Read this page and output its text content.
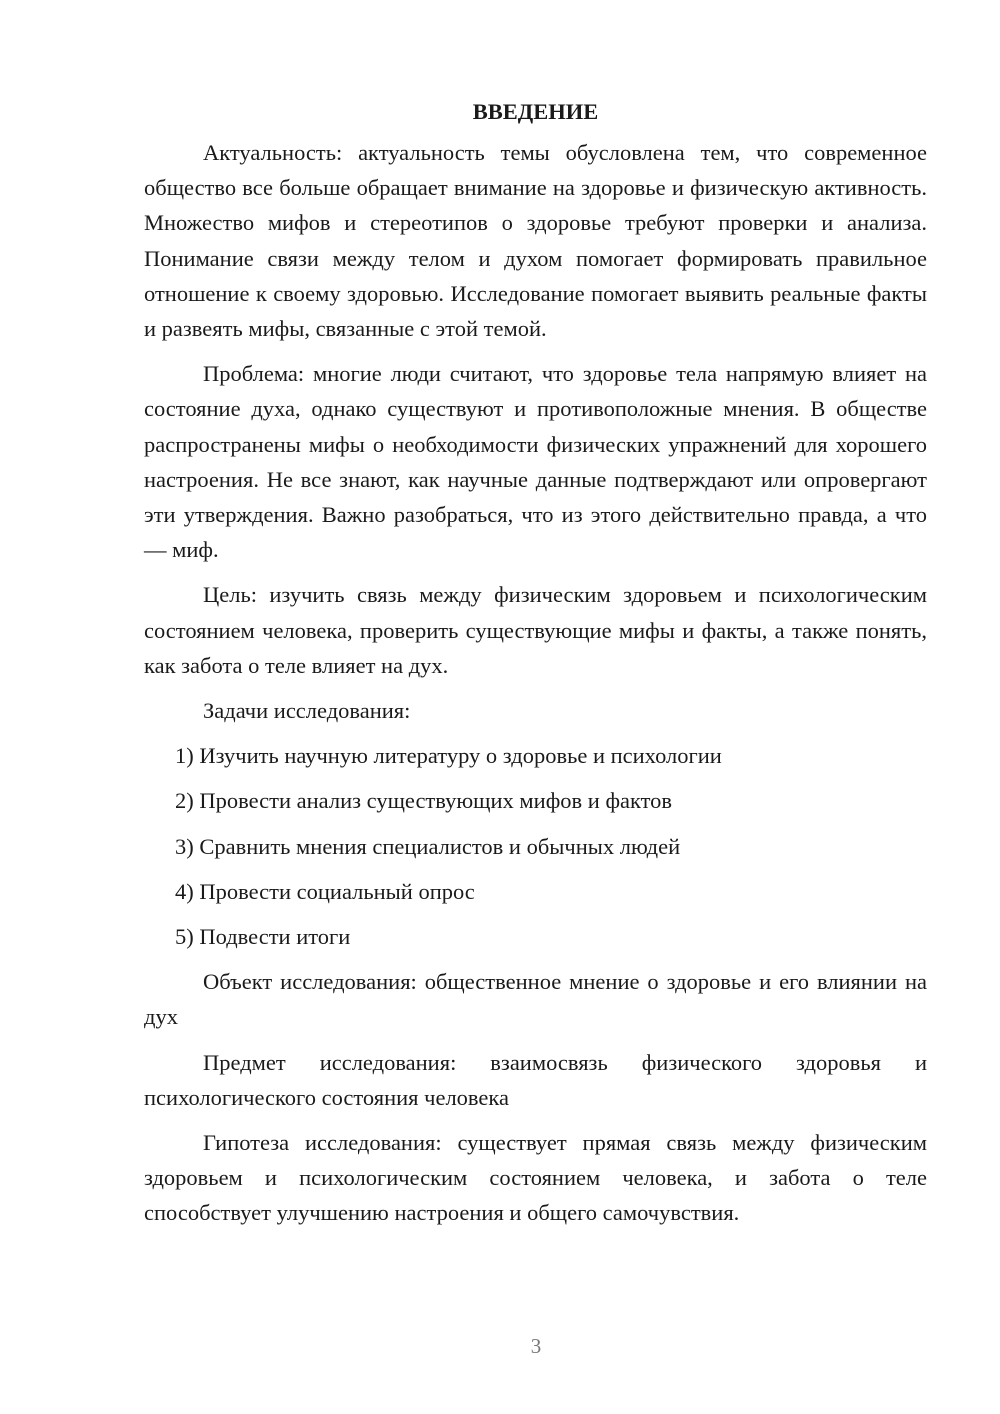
ВВЕДЕНИЕ

Актуальность: актуальность темы обусловлена тем, что современное общество все больше обращает внимание на здоровье и физическую активность. Множество мифов и стереотипов о здоровье требуют проверки и анализа. Понимание связи между телом и духом помогает формировать правильное отношение к своему здоровью. Исследование помогает выявить реальные факты и развеять мифы, связанные с этой темой.

Проблема: многие люди считают, что здоровье тела напрямую влияет на состояние духа, однако существуют и противоположные мнения. В обществе распространены мифы о необходимости физических упражнений для хорошего настроения. Не все знают, как научные данные подтверждают или опровергают эти утверждения. Важно разобраться, что из этого действительно правда, а что — миф.

Цель: изучить связь между физическим здоровьем и психологическим состоянием человека, проверить существующие мифы и факты, а также понять, как забота о теле влияет на дух.

Задачи исследования:

1) Изучить научную литературу о здоровье и психологии
2) Провести анализ существующих мифов и фактов
3) Сравнить мнения специалистов и обычных людей
4) Провести социальный опрос
5) Подвести итоги

Объект исследования: общественное мнение о здоровье и его влиянии на дух

Предмет исследования: взаимосвязь физического здоровья и психологического состояния человека

Гипотеза исследования: существует прямая связь между физическим здоровьем и психологическим состоянием человека, и забота о теле способствует улучшению настроения и общего самочувствия.

3
